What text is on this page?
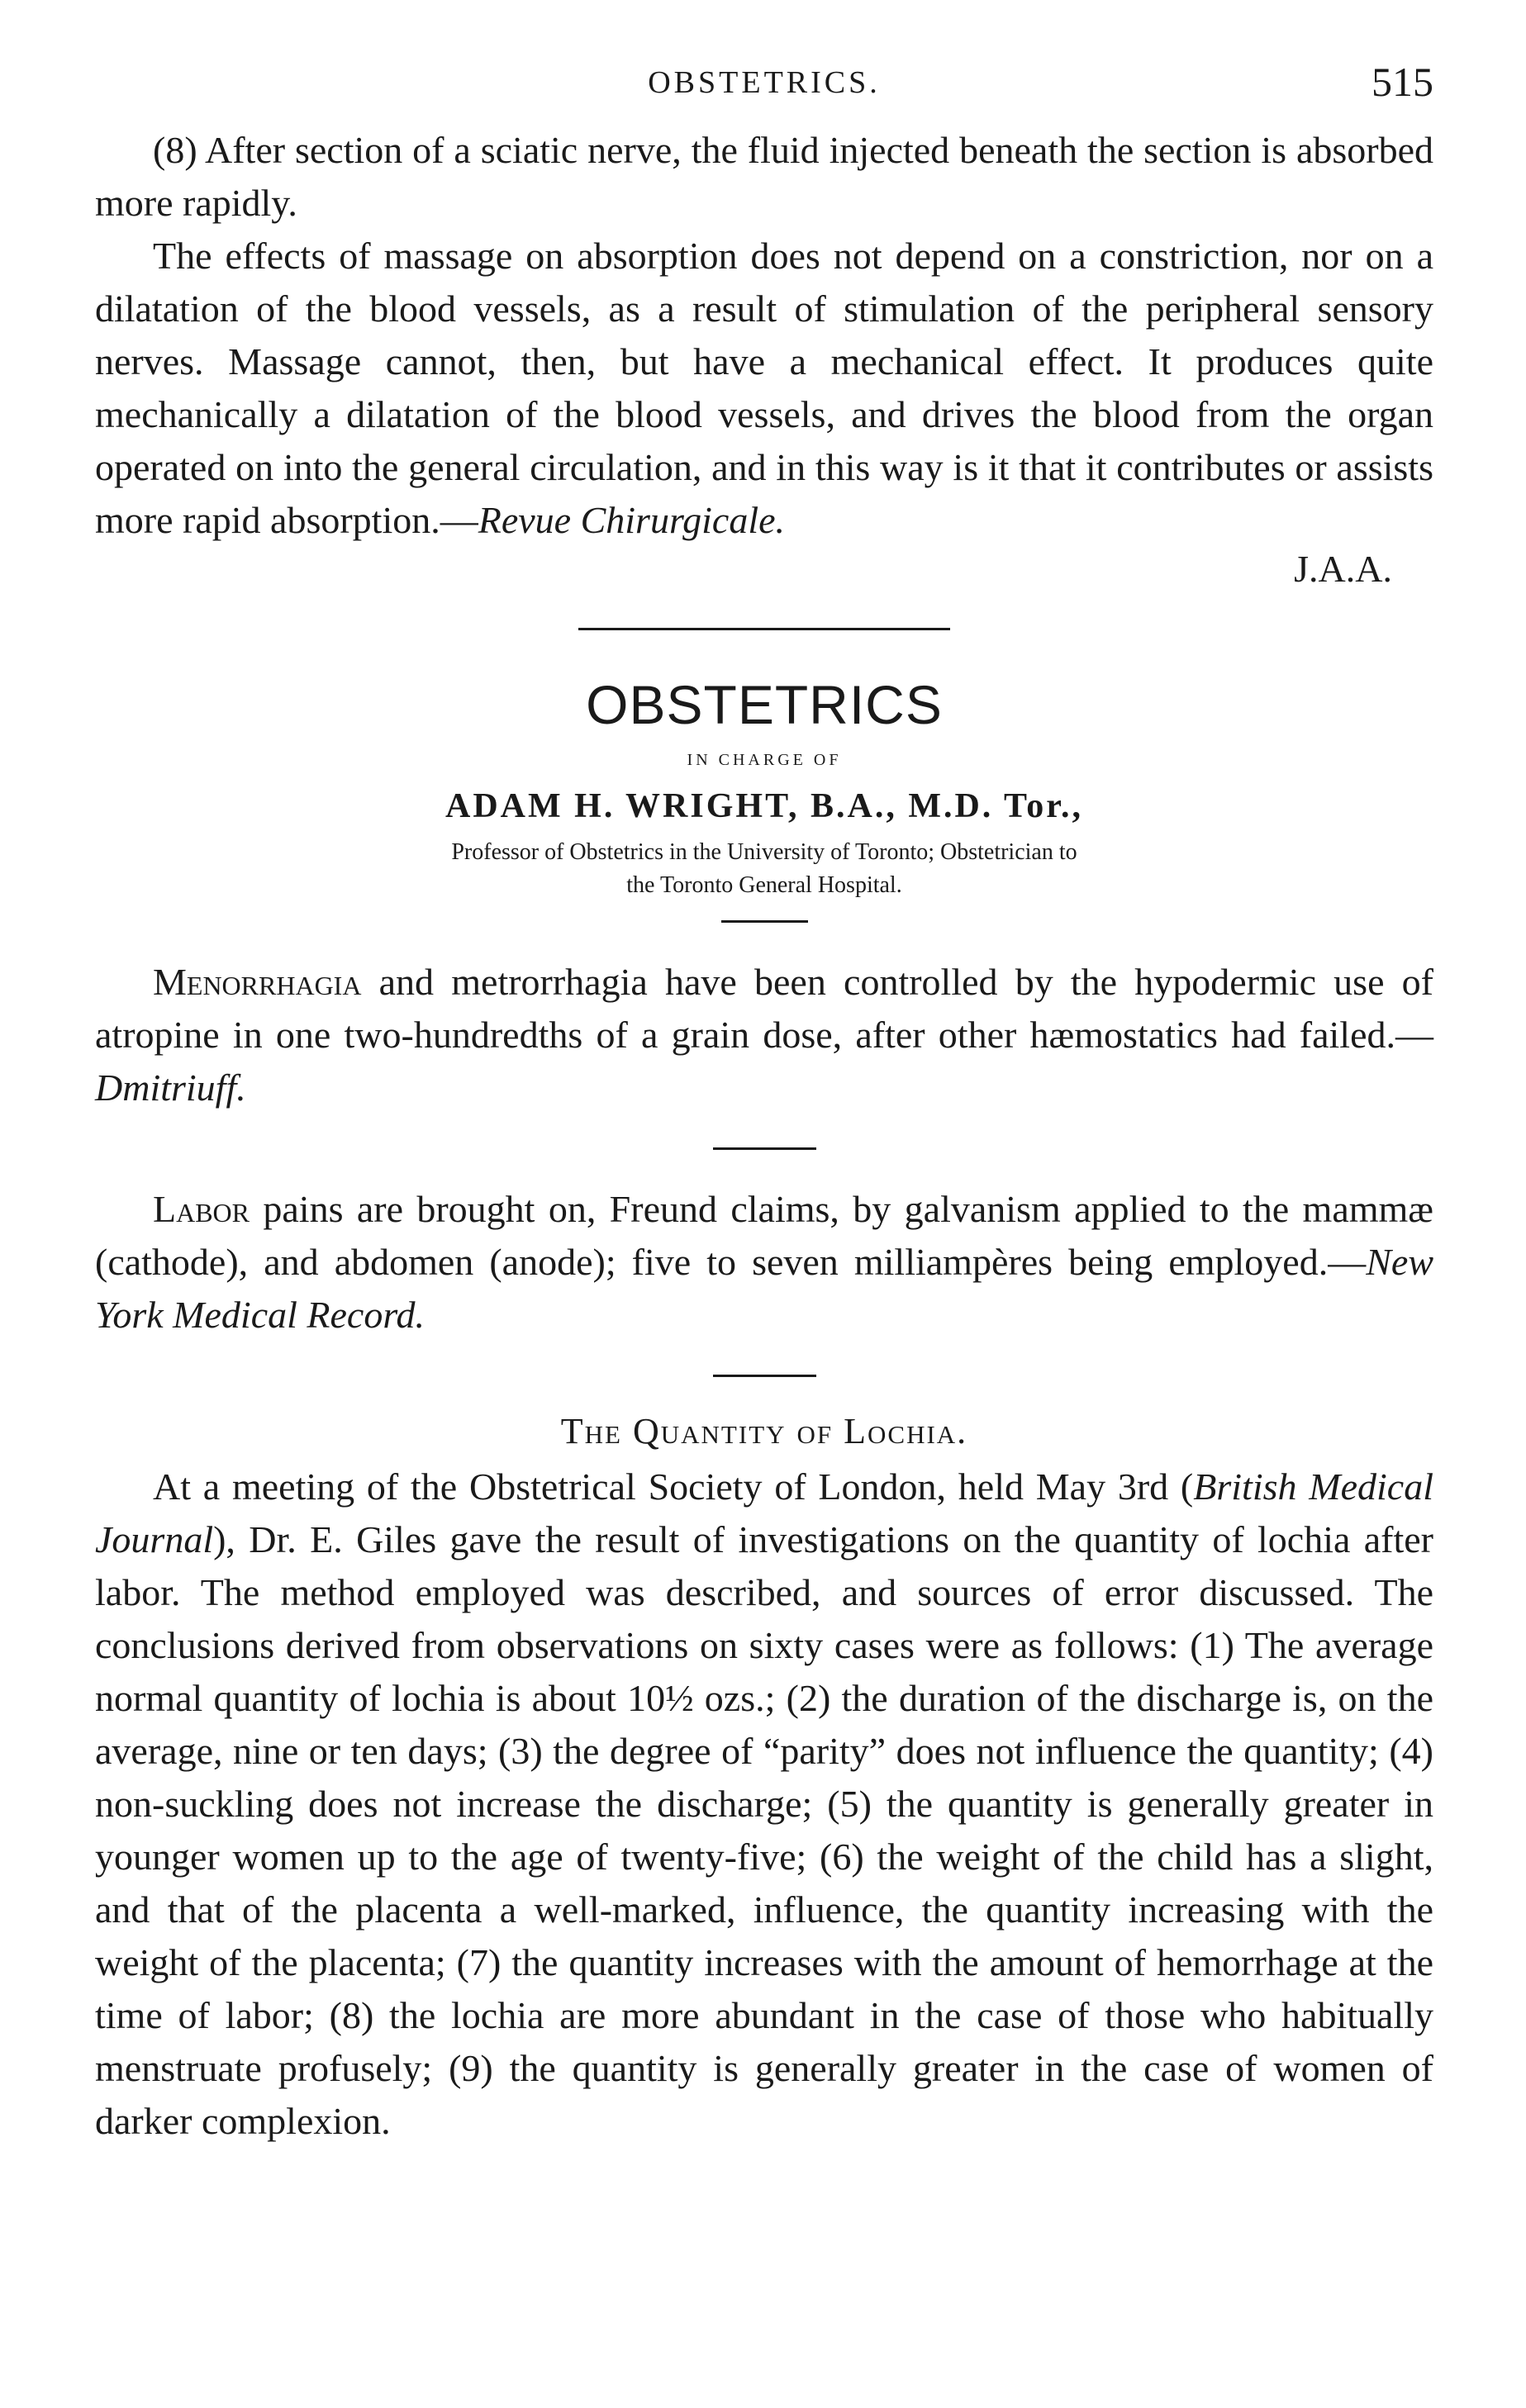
OBSTETRICS.	515

(8) After section of a sciatic nerve, the fluid injected beneath the section is absorbed more rapidly.

The effects of massage on absorption does not depend on a constriction, nor on a dilatation of the blood vessels, as a result of stimulation of the peripheral sensory nerves. Massage cannot, then, but have a mechanical effect. It produces quite mechanically a dilatation of the blood vessels, and drives the blood from the organ operated on into the general circulation, and in this way is it that it contributes or assists more rapid absorption.—Revue Chirurgicale.

J.A.A.
OBSTETRICS
IN CHARGE OF
ADAM H. WRIGHT, B.A., M.D. Tor.,
Professor of Obstetrics in the University of Toronto; Obstetrician to
the Toronto General Hospital.

Menorrhagia and metrorrhagia have been controlled by the hypodermic use of atropine in one two-hundredths of a grain dose, after other hæmostatics had failed.—Dmitriuff.

Labor pains are brought on, Freund claims, by galvanism applied to the mammæ (cathode), and abdomen (anode); five to seven milliampères being employed.—New York Medical Record.

The Quantity of Lochia.

At a meeting of the Obstetrical Society of London, held May 3rd (British Medical Journal), Dr. E. Giles gave the result of investigations on the quantity of lochia after labor. The method employed was described, and sources of error discussed. The conclusions derived from observations on sixty cases were as follows: (1) The average normal quantity of lochia is about 10½ ozs.; (2) the duration of the discharge is, on the average, nine or ten days; (3) the degree of “parity” does not influence the quantity; (4) non-suckling does not increase the discharge; (5) the quantity is generally greater in younger women up to the age of twenty-five; (6) the weight of the child has a slight, and that of the placenta a well-marked, influence, the quantity increasing with the weight of the placenta; (7) the quantity increases with the amount of hemorrhage at the time of labor; (8) the lochia are more abundant in the case of those who habitually menstruate profusely; (9) the quantity is generally greater in the case of women of darker complexion.
